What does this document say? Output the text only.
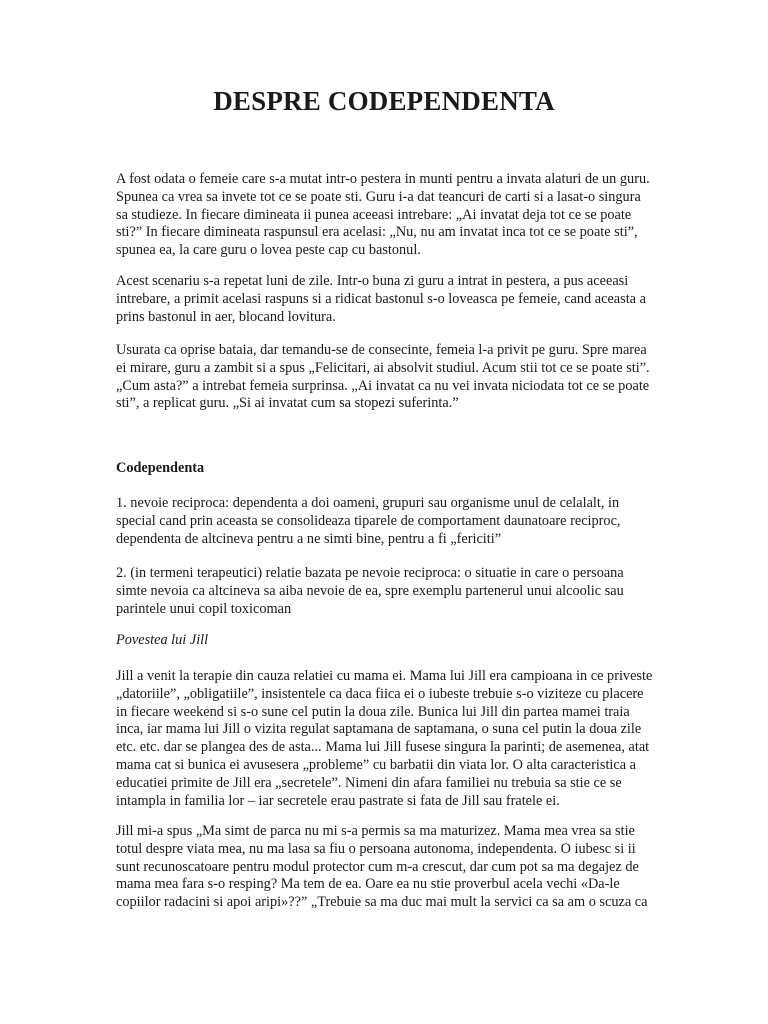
DESPRE CODEPENDENTA
A fost odata o femeie care s-a mutat intr-o pestera in munti pentru a invata alaturi de un guru.
Spunea ca vrea sa invete tot ce se poate sti. Guru i-a dat teancuri de carti si a lasat-o singura
sa studieze. In fiecare dimineata ii punea aceeasi intrebare: „Ai invatat deja tot ce se poate
sti?” In fiecare dimineata raspunsul era acelasi: „Nu, nu am invatat inca tot ce se poate sti”,
spunea ea, la care guru o lovea peste cap cu bastonul.
Acest scenariu s-a repetat luni de zile. Intr-o buna zi guru a intrat in pestera, a pus aceeasi
intrebare, a primit acelasi raspuns si a ridicat bastonul s-o loveasca pe femeie, cand aceasta a
prins bastonul in aer, blocand lovitura.
Usurata ca oprise bataia, dar temandu-se de consecinte, femeia l-a privit pe guru. Spre marea
ei mirare, guru a zambit si a spus „Felicitari, ai absolvit studiul. Acum stii tot ce se poate sti”.
„Cum asta?” a intrebat femeia surprinsa. „Ai invatat ca nu vei invata niciodata tot ce se poate
sti”, a replicat guru. „Si ai invatat cum sa stopezi suferinta.”
Codependenta
1. nevoie reciproca: dependenta a doi oameni, grupuri sau organisme unul de celalalt, in
special cand prin aceasta se consolideaza tiparele de comportament daunatoare reciproc,
dependenta de altcineva pentru a ne simti bine, pentru a fi „fericiti”
2. (in termeni terapeutici) relatie bazata pe nevoie reciproca: o situatie in care o persoana
simte nevoia ca altcineva sa aiba nevoie de ea, spre exemplu partenerul unui alcoolic sau
parintele unui copil toxicoman
Povestea lui Jill
Jill a venit la terapie din cauza relatiei cu mama ei. Mama lui Jill era campioana in ce priveste
„datoriile”, „obligatiile”, insistentele ca daca fiica ei o iubeste trebuie s-o viziteze cu placere
in fiecare weekend si s-o sune cel putin la doua zile. Bunica lui Jill din partea mamei traia
inca, iar mama lui Jill o vizita regulat saptamana de saptamana, o suna cel putin la doua zile
etc. etc. dar se plangea des de asta... Mama lui Jill fusese singura la parinti; de asemenea, atat
mama cat si bunica ei avusesera „probleme” cu barbatii din viata lor. O alta caracteristica a
educatiei primite de Jill era „secretele”. Nimeni din afara familiei nu trebuia sa stie ce se
intampla in familia lor – iar secretele erau pastrate si fata de Jill sau fratele ei.
Jill mi-a spus „Ma simt de parca nu mi s-a permis sa ma maturizez. Mama mea vrea sa stie
totul despre viata mea, nu ma lasa sa fiu o persoana autonoma, independenta. O iubesc si ii
sunt recunoscatoare pentru modul protector cum m-a crescut, dar cum pot sa ma degajez de
mama mea fara s-o resping? Ma tem de ea. Oare ea nu stie proverbul acela vechi «Da-le
copiilor radacini si apoi aripi»??” „Trebuie sa ma duc mai mult la servici ca sa am o scuza ca
